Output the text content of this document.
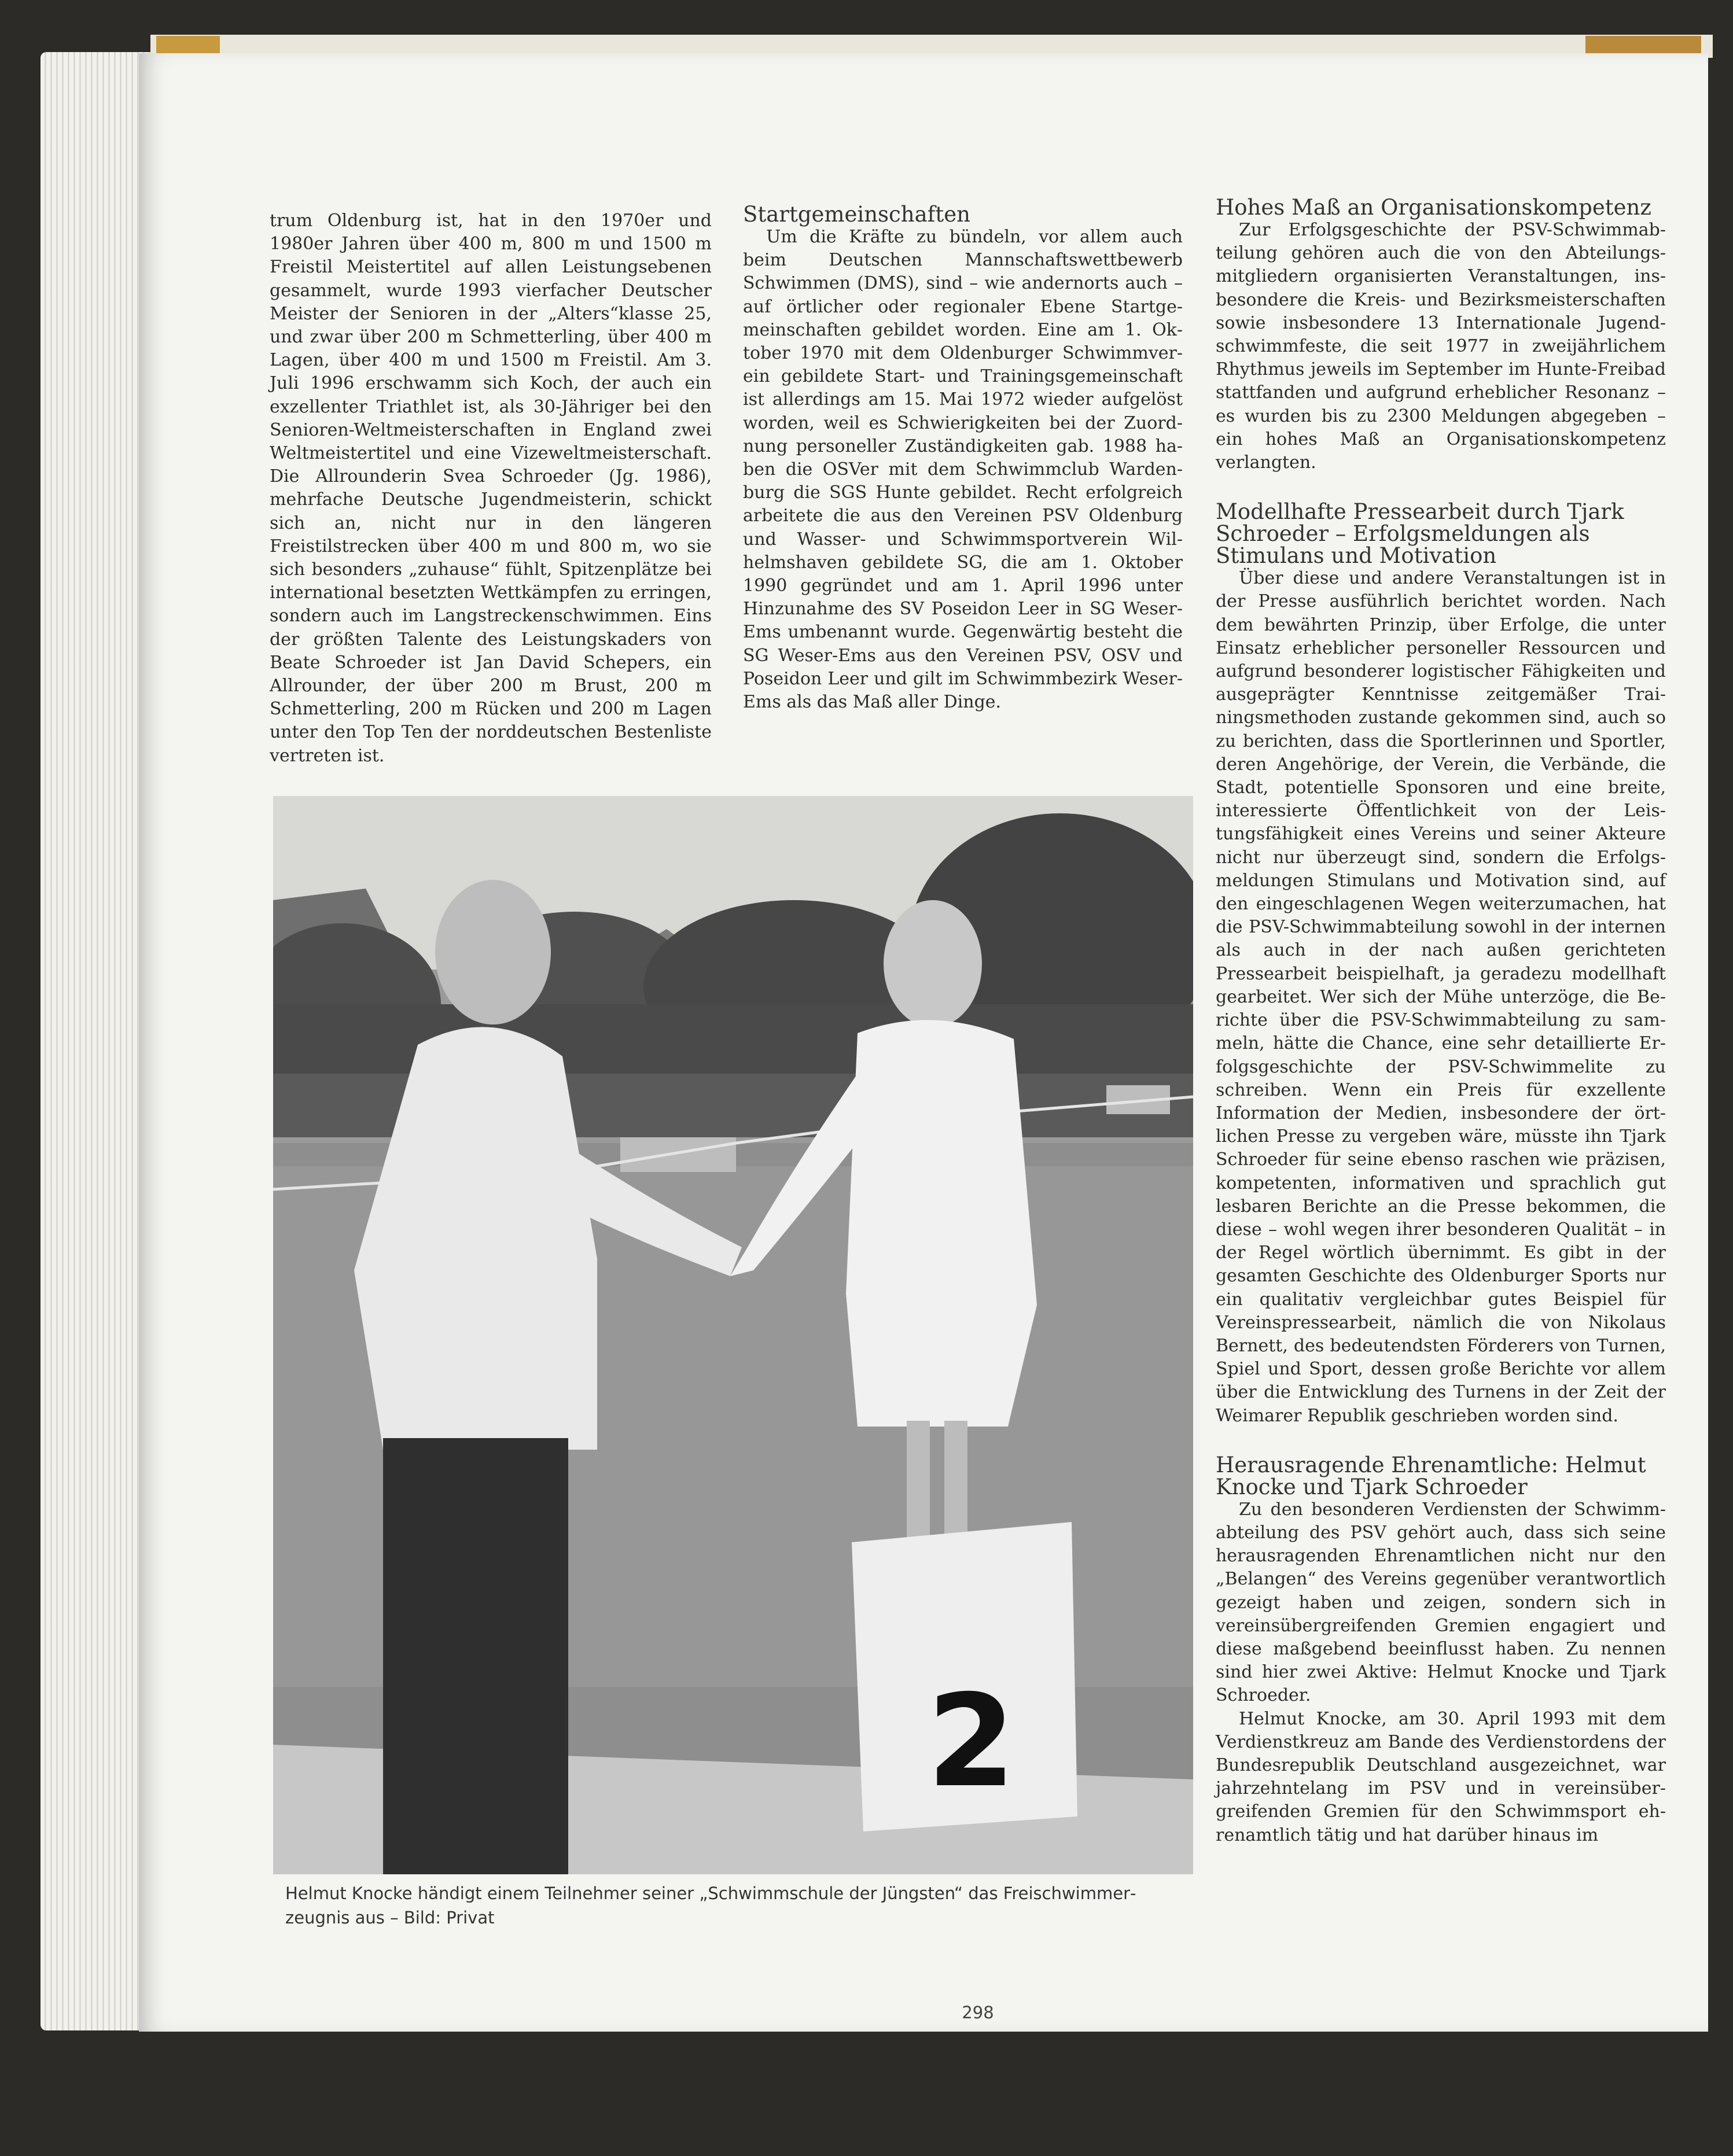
trum Oldenburg ist, hat in den 1970er und 1980er Jahren über 400 m, 800 m und 1500 m Freistil Meistertitel auf allen Leistungsebenen gesammelt, wurde 1993 vierfacher Deutscher Meister der Senioren in der „Alters“klasse 25, und zwar über 200 m Schmetterling, über 400 m Lagen, über 400 m und 1500 m Freistil. Am 3. Juli 1996 erschwamm sich Koch, der auch ein exzellenter Triathlet ist, als 30-Jähriger bei den Senioren-Weltmeisterschaften in England zwei Weltmeistertitel und eine Vizeweltmeisterschaft. Die Allrounderin Svea Schroeder (Jg. 1986), mehrfache Deutsche Jugendmeisterin, schickt sich an, nicht nur in den längeren Freistilstrecken über 400 m und 800 m, wo sie sich besonders „zuhause“ fühlt, Spitzenplätze bei international besetzten Wettkämpfen zu erringen, sondern auch im Langstreckenschwimmen. Eins der größten Talente des Leistungskaders von Beate Schroeder ist Jan David Schepers, ein Allrounder, der über 200 m Brust, 200 m Schmetterling, 200 m Rücken und 200 m Lagen unter den Top Ten der norddeutschen Bestenliste vertreten ist.

Startgemeinschaften

Um die Kräfte zu bündeln, vor allem auch beim Deutschen Mannschaftswettbewerb Schwimmen (DMS), sind – wie andernorts auch – auf örtlicher oder regionaler Ebene Startgemeinschaften gebildet worden. Eine am 1. Oktober 1970 mit dem Oldenburger Schwimmverein gebildete Start- und Trainingsgemeinschaft ist allerdings am 15. Mai 1972 wieder aufgelöst worden, weil es Schwierigkeiten bei der Zuordnung personeller Zuständigkeiten gab. 1988 haben die OSVer mit dem Schwimmclub Wardenburg die SGS Hunte gebildet. Recht erfolgreich arbeitete die aus den Vereinen PSV Oldenburg und Wasser- und Schwimmsportverein Wilhelmshaven gebildete SG, die am 1. Oktober 1990 gegründet und am 1. April 1996 unter Hinzunahme des SV Poseidon Leer in SG Weser-Ems umbenannt wurde. Gegenwärtig besteht die SG Weser-Ems aus den Vereinen PSV, OSV und Poseidon Leer und gilt im Schwimmbezirk Weser-Ems als das Maß aller Dinge.

Hohes Maß an Organisationskompetenz

Zur Erfolgsgeschichte der PSV-Schwimmabteilung gehören auch die von den Abteilungsmitgliedern organisierten Veranstaltungen, insbesondere die Kreis- und Bezirksmeisterschaften sowie insbesondere 13 Internationale Jugendschwimmfeste, die seit 1977 in zweijährlichem Rhythmus jeweils im September im Hunte-Freibad stattfanden und aufgrund erheblicher Resonanz – es wurden bis zu 2300 Meldungen abgegeben – ein hohes Maß an Organisationskompetenz verlangten.

Modellhafte Pressearbeit durch Tjark Schroeder – Erfolgsmeldungen als Stimulans und Motivation

Über diese und andere Veranstaltungen ist in der Presse ausführlich berichtet worden. Nach dem bewährten Prinzip, über Erfolge, die unter Einsatz erheblicher personeller Ressourcen und aufgrund besonderer logistischer Fähigkeiten und ausgeprägter Kenntnisse zeitgemäßer Trainingsmethoden zustande gekommen sind, auch so zu berichten, dass die Sportlerinnen und Sportler, deren Angehörige, der Verein, die Verbände, die Stadt, potentielle Sponsoren und eine breite, interessierte Öffentlichkeit von der Leistungsfähigkeit eines Vereins und seiner Akteure nicht nur überzeugt sind, sondern die Erfolgsmeldungen Stimulans und Motivation sind, auf den eingeschlagenen Wegen weiterzumachen, hat die PSV-Schwimmabteilung sowohl in der internen als auch in der nach außen gerichteten Pressearbeit beispielhaft, ja geradezu modellhaft gearbeitet. Wer sich der Mühe unterzöge, die Berichte über die PSV-Schwimmabteilung zu sammeln, hätte die Chance, eine sehr detaillierte Erfolgsgeschichte der PSV-Schwimmelite zu schreiben. Wenn ein Preis für exzellente Information der Medien, insbesondere der örtlichen Presse zu vergeben wäre, müsste ihn Tjark Schroeder für seine ebenso raschen wie präzisen, kompetenten, informativen und sprachlich gut lesbaren Berichte an die Presse bekommen, die diese – wohl wegen ihrer besonderen Qualität – in der Regel wörtlich übernimmt. Es gibt in der gesamten Geschichte des Oldenburger Sports nur ein qualitativ vergleichbar gutes Beispiel für Vereinspressearbeit, nämlich die von Nikolaus Bernett, des bedeutendsten Förderers von Turnen, Spiel und Sport, dessen große Berichte vor allem über die Entwicklung des Turnens in der Zeit der Weimarer Republik geschrieben worden sind.

Herausragende Ehrenamtliche: Helmut Knocke und Tjark Schroeder

Zu den besonderen Verdiensten der Schwimmabteilung des PSV gehört auch, dass sich seine herausragenden Ehrenamtlichen nicht nur den „Belangen“ des Vereins gegenüber verantwortlich gezeigt haben und zeigen, sondern sich in vereinsübergreifenden Gremien engagiert und diese maßgebend beeinflusst haben. Zu nennen sind hier zwei Aktive: Helmut Knocke und Tjark Schroeder.

Helmut Knocke, am 30. April 1993 mit dem Verdienstkreuz am Bande des Verdienstordens der Bundesrepublik Deutschland ausgezeichnet, war jahrzehntelang im PSV und in vereinsübergreifenden Gremien für den Schwimmsport ehrenamtlich tätig und hat darüber hinaus im

2
Helmut Knocke händigt einem Teilnehmer seiner „Schwimmschule der Jüngsten“ das Freischwimmerzeugnis aus – Bild: Privat
298
